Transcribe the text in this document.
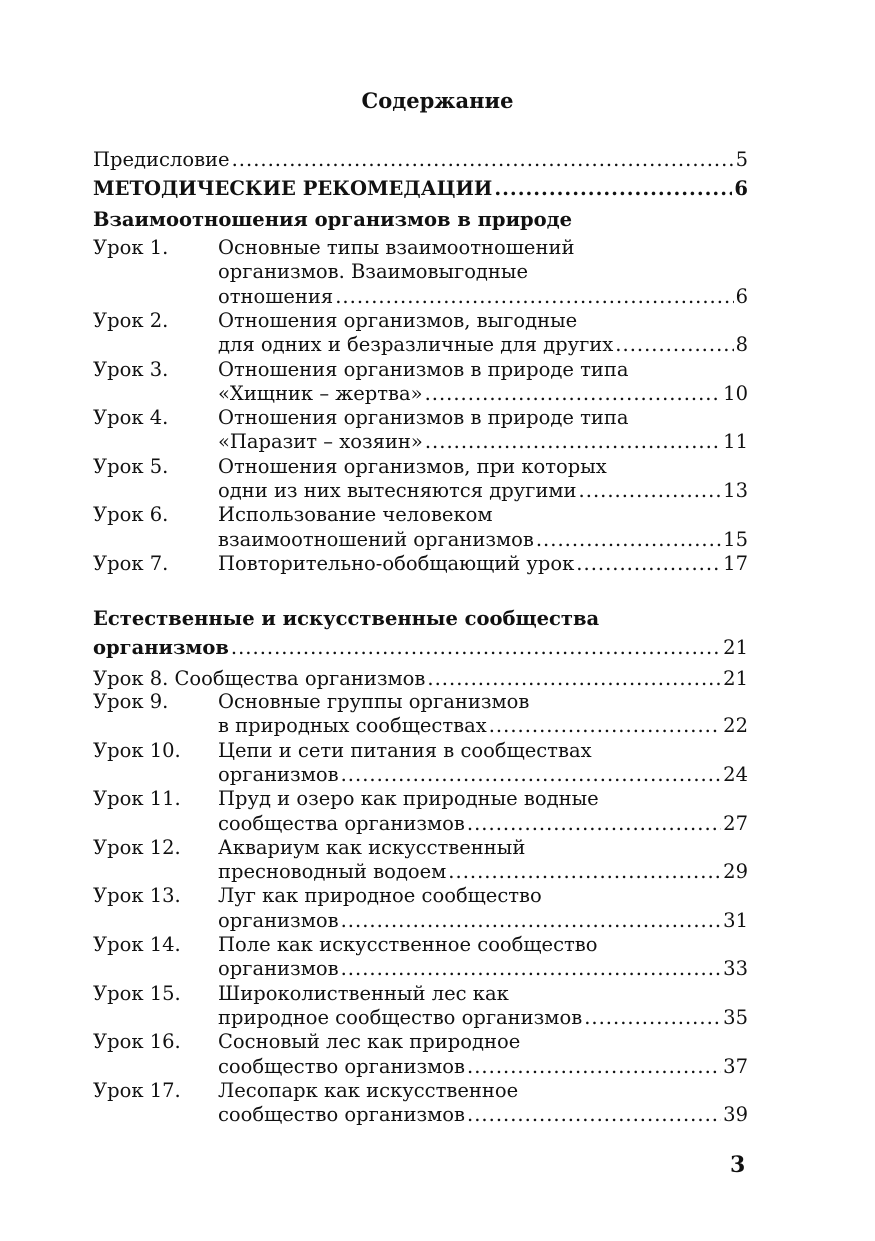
Содержание
Предисловие .....	5
МЕТОДИЧЕСКИЕ РЕКОМЕДАЦИИ .....	6
Взаимоотношения организмов в природе
Урок 1.	Основные типы взаимоотношений
организмов. Взаимовыгодные
отношения .....	6
Урок 2.	Отношения организмов, выгодные
для одних и безразличные для других .....	8
Урок 3.	Отношения организмов в природе типа
«Хищник – жертва» .....	10
Урок 4.	Отношения организмов в природе типа
«Паразит – хозяин» .....	11
Урок 5.	Отношения организмов, при которых
одни из них вытесняются другими .....	13
Урок 6.	Использование человеком
взаимоотношений организмов .....	15
Урок 7.	Повторительно-обобщающий урок .....	17
Естественные и искусственные сообщества
организмов .....	21
Урок 8. Сообщества организмов .....	21
Урок 9.	Основные группы организмов
в природных сообществах .....	22
Урок 10. Цепи и сети питания в сообществах
организмов .....	24
Урок 11. Пруд и озеро как природные водные
сообщества организмов .....	27
Урок 12. Аквариум как искусственный
пресноводный водоем .....	29
Урок 13. Луг как природное сообщество
организмов .....	31
Урок 14. Поле как искусственное сообщество
организмов .....	33
Урок 15. Широколиственный лес как
природное сообщество организмов .....	35
Урок 16. Сосновый лес как природное
сообщество организмов .....	37
Урок 17. Лесопарк как искусственное
сообщество организмов .....	39
3
